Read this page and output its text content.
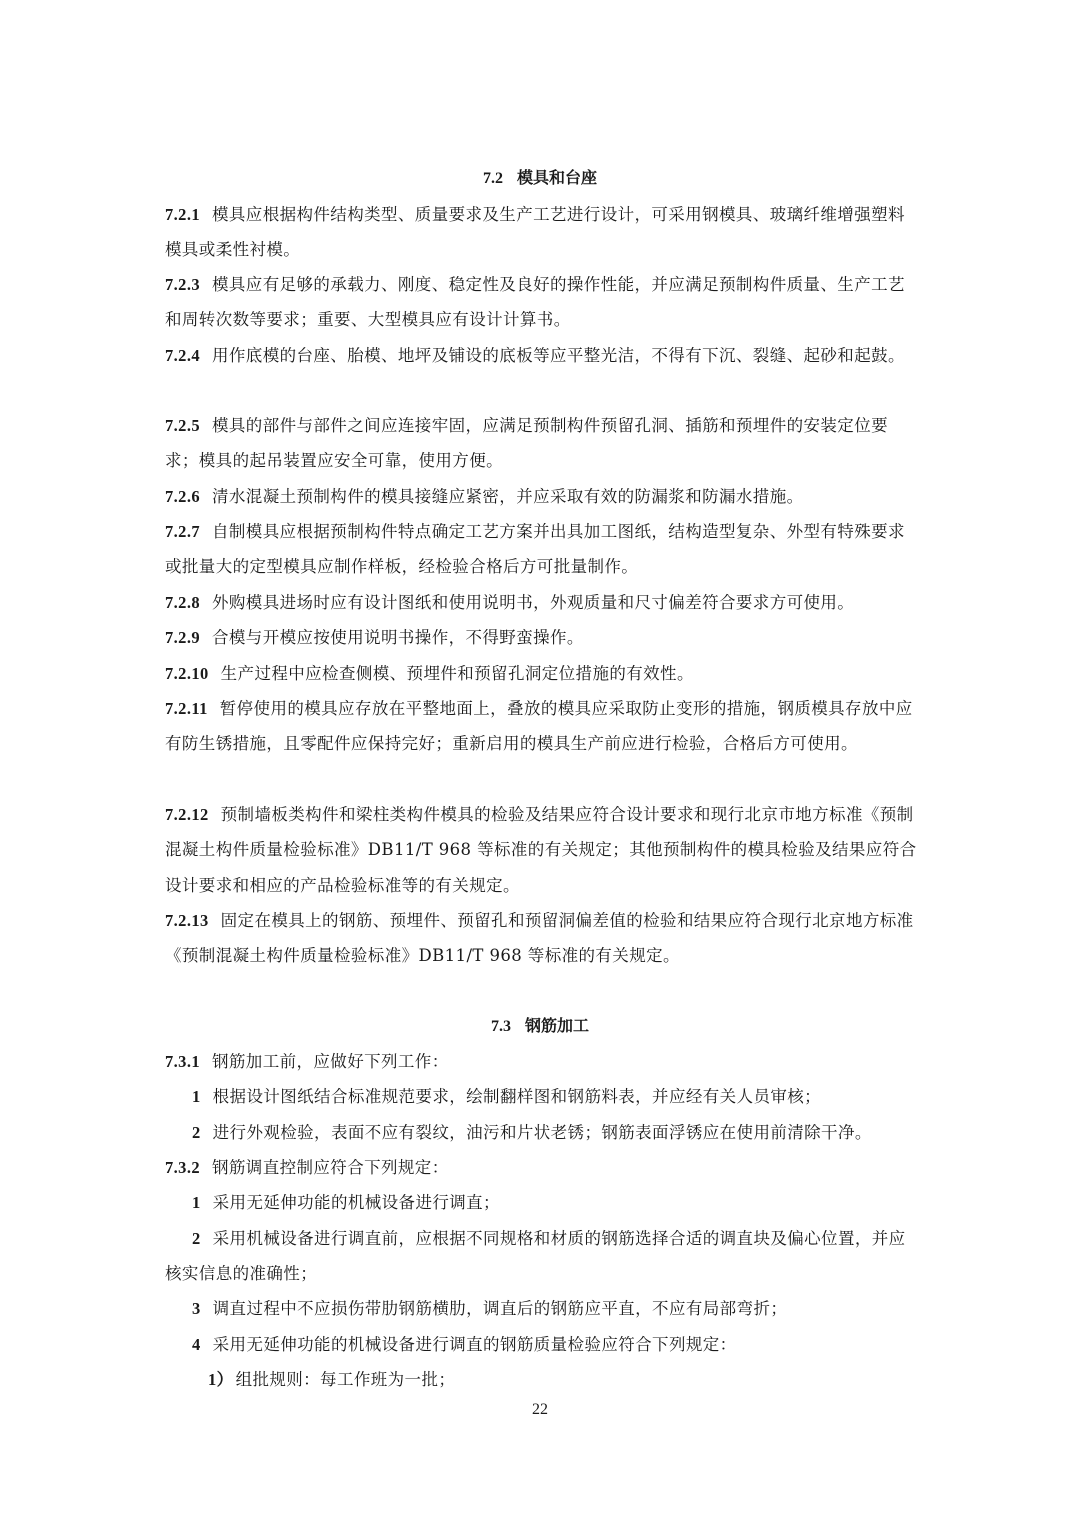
7.2 模具和台座
7.2.1 模具应根据构件结构类型、质量要求及生产工艺进行设计，可采用钢模具、玻璃纤维增强塑料模具或柔性衬模。
7.2.3 模具应有足够的承载力、刚度、稳定性及良好的操作性能，并应满足预制构件质量、生产工艺和周转次数等要求；重要、大型模具应有设计计算书。
7.2.4 用作底模的台座、胎模、地坪及铺设的底板等应平整光洁，不得有下沉、裂缝、起砂和起鼓。
7.2.5 模具的部件与部件之间应连接牢固，应满足预制构件预留孔洞、插筋和预埋件的安装定位要求；模具的起吊装置应安全可靠，使用方便。
7.2.6 清水混凝土预制构件的模具接缝应紧密，并应采取有效的防漏浆和防漏水措施。
7.2.7 自制模具应根据预制构件特点确定工艺方案并出具加工图纸，结构造型复杂、外型有特殊要求或批量大的定型模具应制作样板，经检验合格后方可批量制作。
7.2.8 外购模具进场时应有设计图纸和使用说明书，外观质量和尺寸偏差符合要求方可使用。
7.2.9 合模与开模应按使用说明书操作，不得野蛮操作。
7.2.10 生产过程中应检查侧模、预埋件和预留孔洞定位措施的有效性。
7.2.11 暂停使用的模具应存放在平整地面上，叠放的模具应采取防止变形的措施，钢质模具存放中应有防生锈措施，且零配件应保持完好；重新启用的模具生产前应进行检验，合格后方可使用。
7.2.12 预制墙板类构件和梁柱类构件模具的检验及结果应符合设计要求和现行北京市地方标准《预制混凝土构件质量检验标准》DB11/T 968 等标准的有关规定；其他预制构件的模具检验及结果应符合设计要求和相应的产品检验标准等的有关规定。
7.2.13 固定在模具上的钢筋、预埋件、预留孔和预留洞偏差值的检验和结果应符合现行北京地方标准《预制混凝土构件质量检验标准》DB11/T 968 等标准的有关规定。
7.3 钢筋加工
7.3.1 钢筋加工前，应做好下列工作：
1 根据设计图纸结合标准规范要求，绘制翻样图和钢筋料表，并应经有关人员审核；
2 进行外观检验，表面不应有裂纹，油污和片状老锈；钢筋表面浮锈应在使用前清除干净。
7.3.2 钢筋调直控制应符合下列规定：
1 采用无延伸功能的机械设备进行调直；
2 采用机械设备进行调直前，应根据不同规格和材质的钢筋选择合适的调直块及偏心位置，并应核实信息的准确性；
3 调直过程中不应损伤带肋钢筋横肋，调直后的钢筋应平直，不应有局部弯折；
4 采用无延伸功能的机械设备进行调直的钢筋质量检验应符合下列规定：
1） 组批规则：每工作班为一批；
22
